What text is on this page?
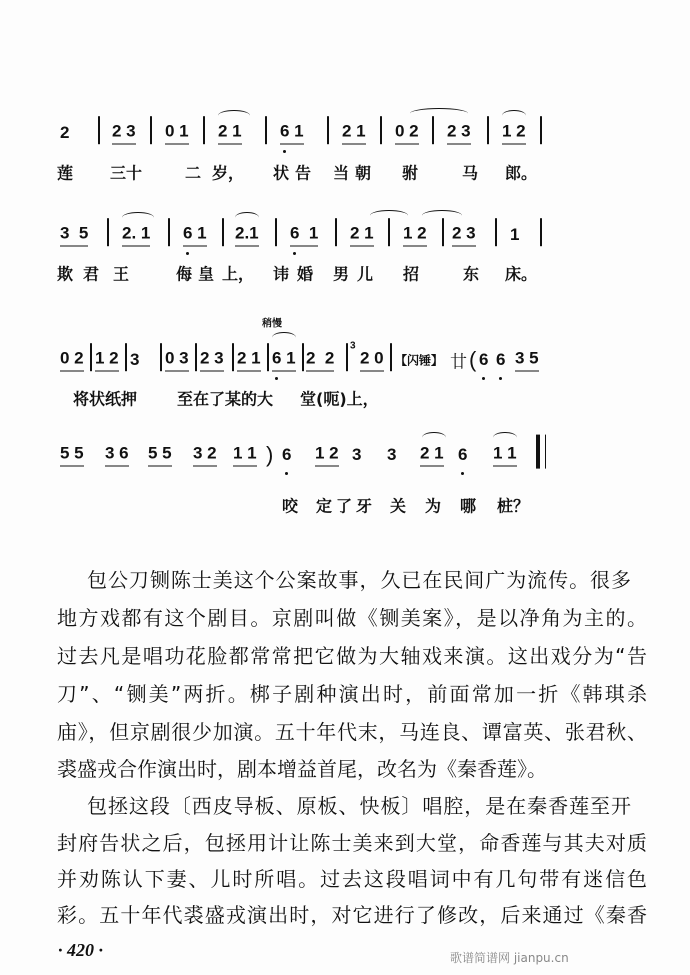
2	2 3 0 1 2 1 6 1 2 1 0 2 2 3 1 2
莲 三十	二 岁， 状 告 当 朝 驸	马 郎。
3  5 2. 1 6 1 2.1 6  1 2 1 1 2 2 3 1
欺 君 王	侮 皇 上， 讳 婚 男 儿 招	东 床。
稍慢
0 2 1 2 3 0 3 2 3 2 1 6 1 2  2
3
2 0 【闪锤】 廿 ( 6 6 3 5
将状纸押 至在了某的大 堂(呃)上，
5 5 3 6 5 5 3 2 1 1 ) 6 1 2 3 3 2 1 6 1 1
咬 定 了 牙 关 为 哪 桩？
包公刀铡陈士美这个公案故事，久已在民间广为流传。很多
地方戏都有这个剧目。京剧叫做《铡美案》，是以净角为主的。
过去凡是唱功花脸都常常把它做为大轴戏来演。这出戏分为“告
刀”、“铡美”两折。梆子剧种演出时，前面常加一折《韩琪杀
庙》，但京剧很少加演。五十年代末，马连良、谭富英、张君秋、
裘盛戎合作演出时，剧本增益首尾，改名为《秦香莲》。
包拯这段〔西皮导板、原板、快板〕唱腔，是在秦香莲至开
封府告状之后，包拯用计让陈士美来到大堂，命香莲与其夫对质
并劝陈认下妻、儿时所唱。过去这段唱词中有几句带有迷信色
彩。五十年代裘盛戎演出时，对它进行了修改，后来通过《秦香
· 420 ·	歌谱简谱网 jianpu.cn
